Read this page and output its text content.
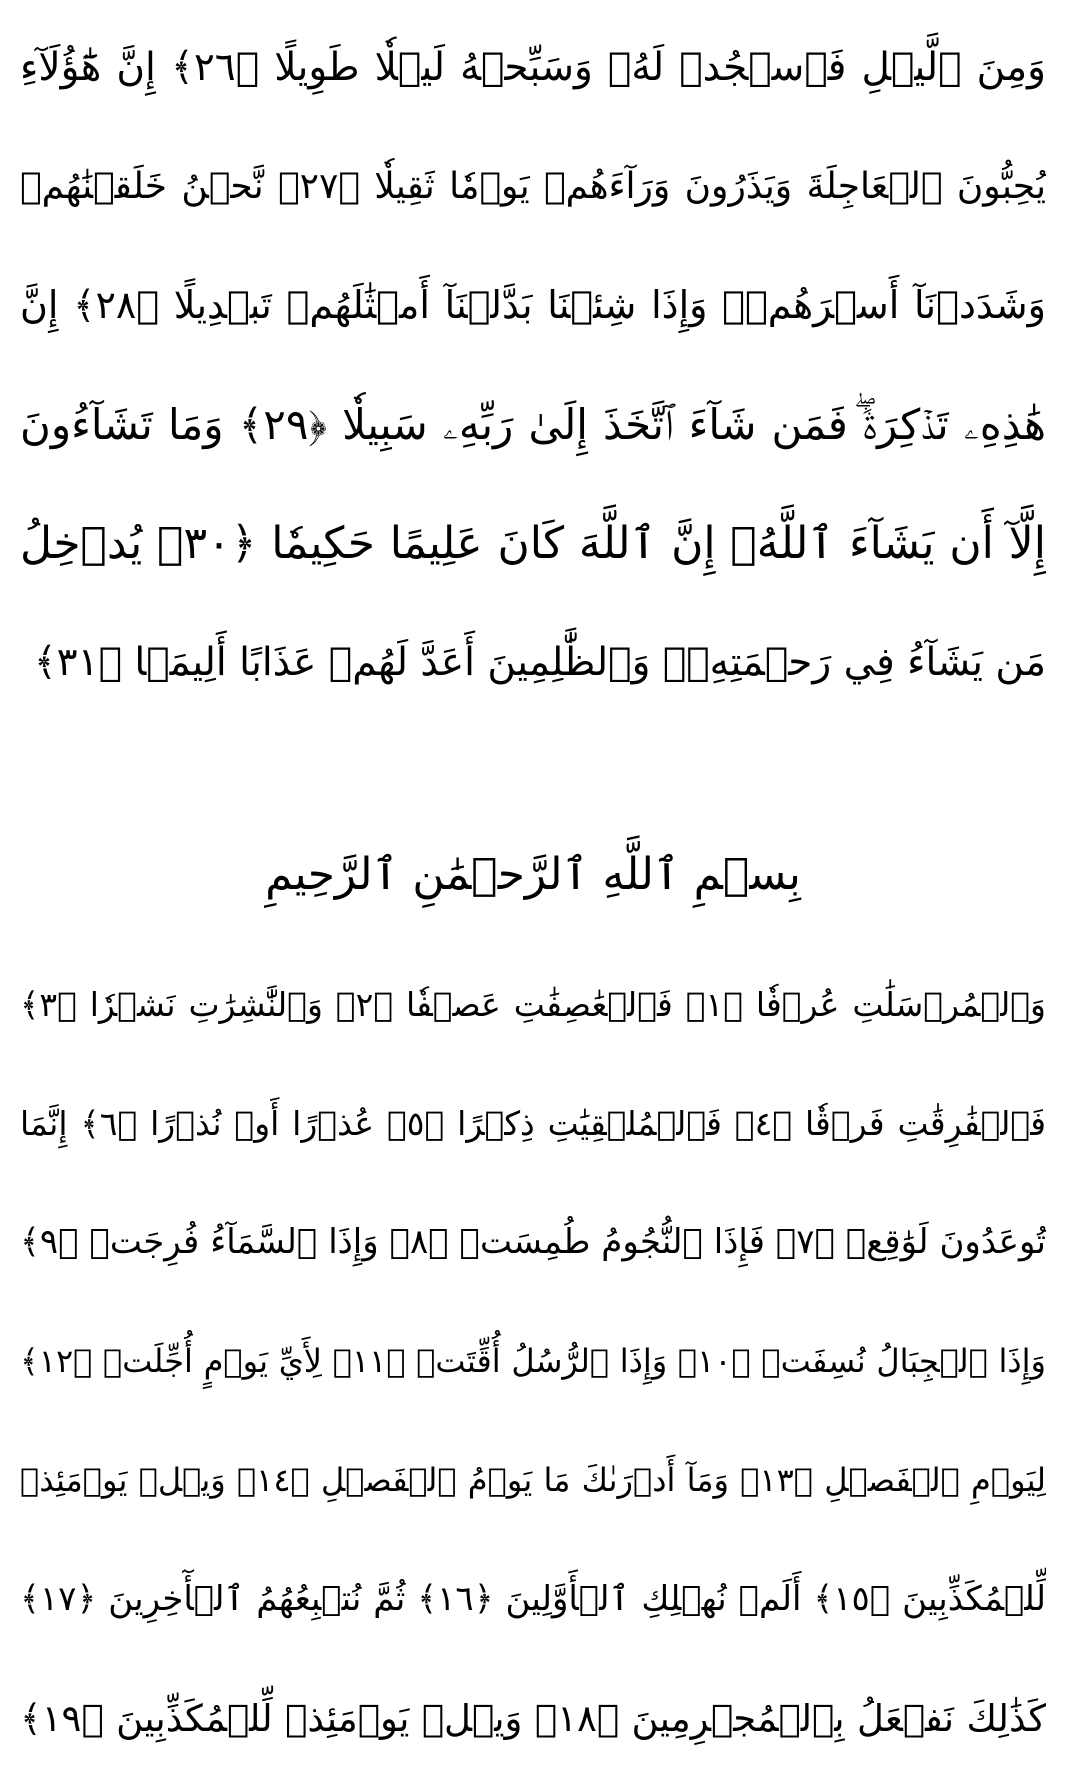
وَمِنَ ٱلَّيۡلِ فَٱسۡجُدۡ لَهُۥ وَسَبِّحۡهُ لَيۡلٗا طَوِيلًا ﴿٢٦﴾ إِنَّ هَٰٓؤُلَآءِ
يُحِبُّونَ ٱلۡعَاجِلَةَ وَيَذَرُونَ وَرَآءَهُمۡ يَوۡمٗا ثَقِيلٗا ﴿٢٧﴾ نَّحۡنُ خَلَقۡنَٰهُمۡ
وَشَدَدۡنَآ أَسۡرَهُمۡۖ وَإِذَا شِئۡنَا بَدَّلۡنَآ أَمۡثَٰلَهُمۡ تَبۡدِيلًا ﴿٢٨﴾ إِنَّ
هَٰذِهِۦ تَذۡكِرَةٞۖ فَمَن شَآءَ ٱتَّخَذَ إِلَىٰ رَبِّهِۦ سَبِيلٗا ﴿٢٩﴾ وَمَا تَشَآءُونَ
إِلَّآ أَن يَشَآءَ ٱللَّهُۚ إِنَّ ٱللَّهَ كَانَ عَلِيمًا حَكِيمٗا ﴿٣٠﴾ يُدۡخِلُ
مَن يَشَآءُ فِي رَحۡمَتِهِۦۚ وَٱلظَّٰلِمِينَ أَعَدَّ لَهُمۡ عَذَابًا أَلِيمَۢا ﴿٣١﴾
بِسۡمِ ٱللَّهِ ٱلرَّحۡمَٰنِ ٱلرَّحِيمِ
وَٱلۡمُرۡسَلَٰتِ عُرۡفٗا ﴿١﴾ فَٱلۡعَٰصِفَٰتِ عَصۡفٗا ﴿٢﴾ وَٱلنَّٰشِرَٰتِ نَشۡرٗا ﴿٣﴾
فَٱلۡفَٰرِقَٰتِ فَرۡقٗا ﴿٤﴾ فَٱلۡمُلۡقِيَٰتِ ذِكۡرًا ﴿٥﴾ عُذۡرًا أَوۡ نُذۡرًا ﴿٦﴾ إِنَّمَا
تُوعَدُونَ لَوَٰقِعٞ ﴿٧﴾ فَإِذَا ٱلنُّجُومُ طُمِسَتۡ ﴿٨﴾ وَإِذَا ٱلسَّمَآءُ فُرِجَتۡ ﴿٩﴾
وَإِذَا ٱلۡجِبَالُ نُسِفَتۡ ﴿١٠﴾ وَإِذَا ٱلرُّسُلُ أُقِّتَتۡ ﴿١١﴾ لِأَيِّ يَوۡمٍ أُجِّلَتۡ ﴿١٢﴾
لِيَوۡمِ ٱلۡفَصۡلِ ﴿١٣﴾ وَمَآ أَدۡرَىٰكَ مَا يَوۡمُ ٱلۡفَصۡلِ ﴿١٤﴾ وَيۡلٞ يَوۡمَئِذٖ
لِّلۡمُكَذِّبِينَ ﴿١٥﴾ أَلَمۡ نُهۡلِكِ ٱلۡأَوَّلِينَ ﴿١٦﴾ ثُمَّ نُتۡبِعُهُمُ ٱلۡأٓخِرِينَ ﴿١٧﴾
كَذَٰلِكَ نَفۡعَلُ بِٱلۡمُجۡرِمِينَ ﴿١٨﴾ وَيۡلٞ يَوۡمَئِذٖ لِّلۡمُكَذِّبِينَ ﴿١٩﴾
